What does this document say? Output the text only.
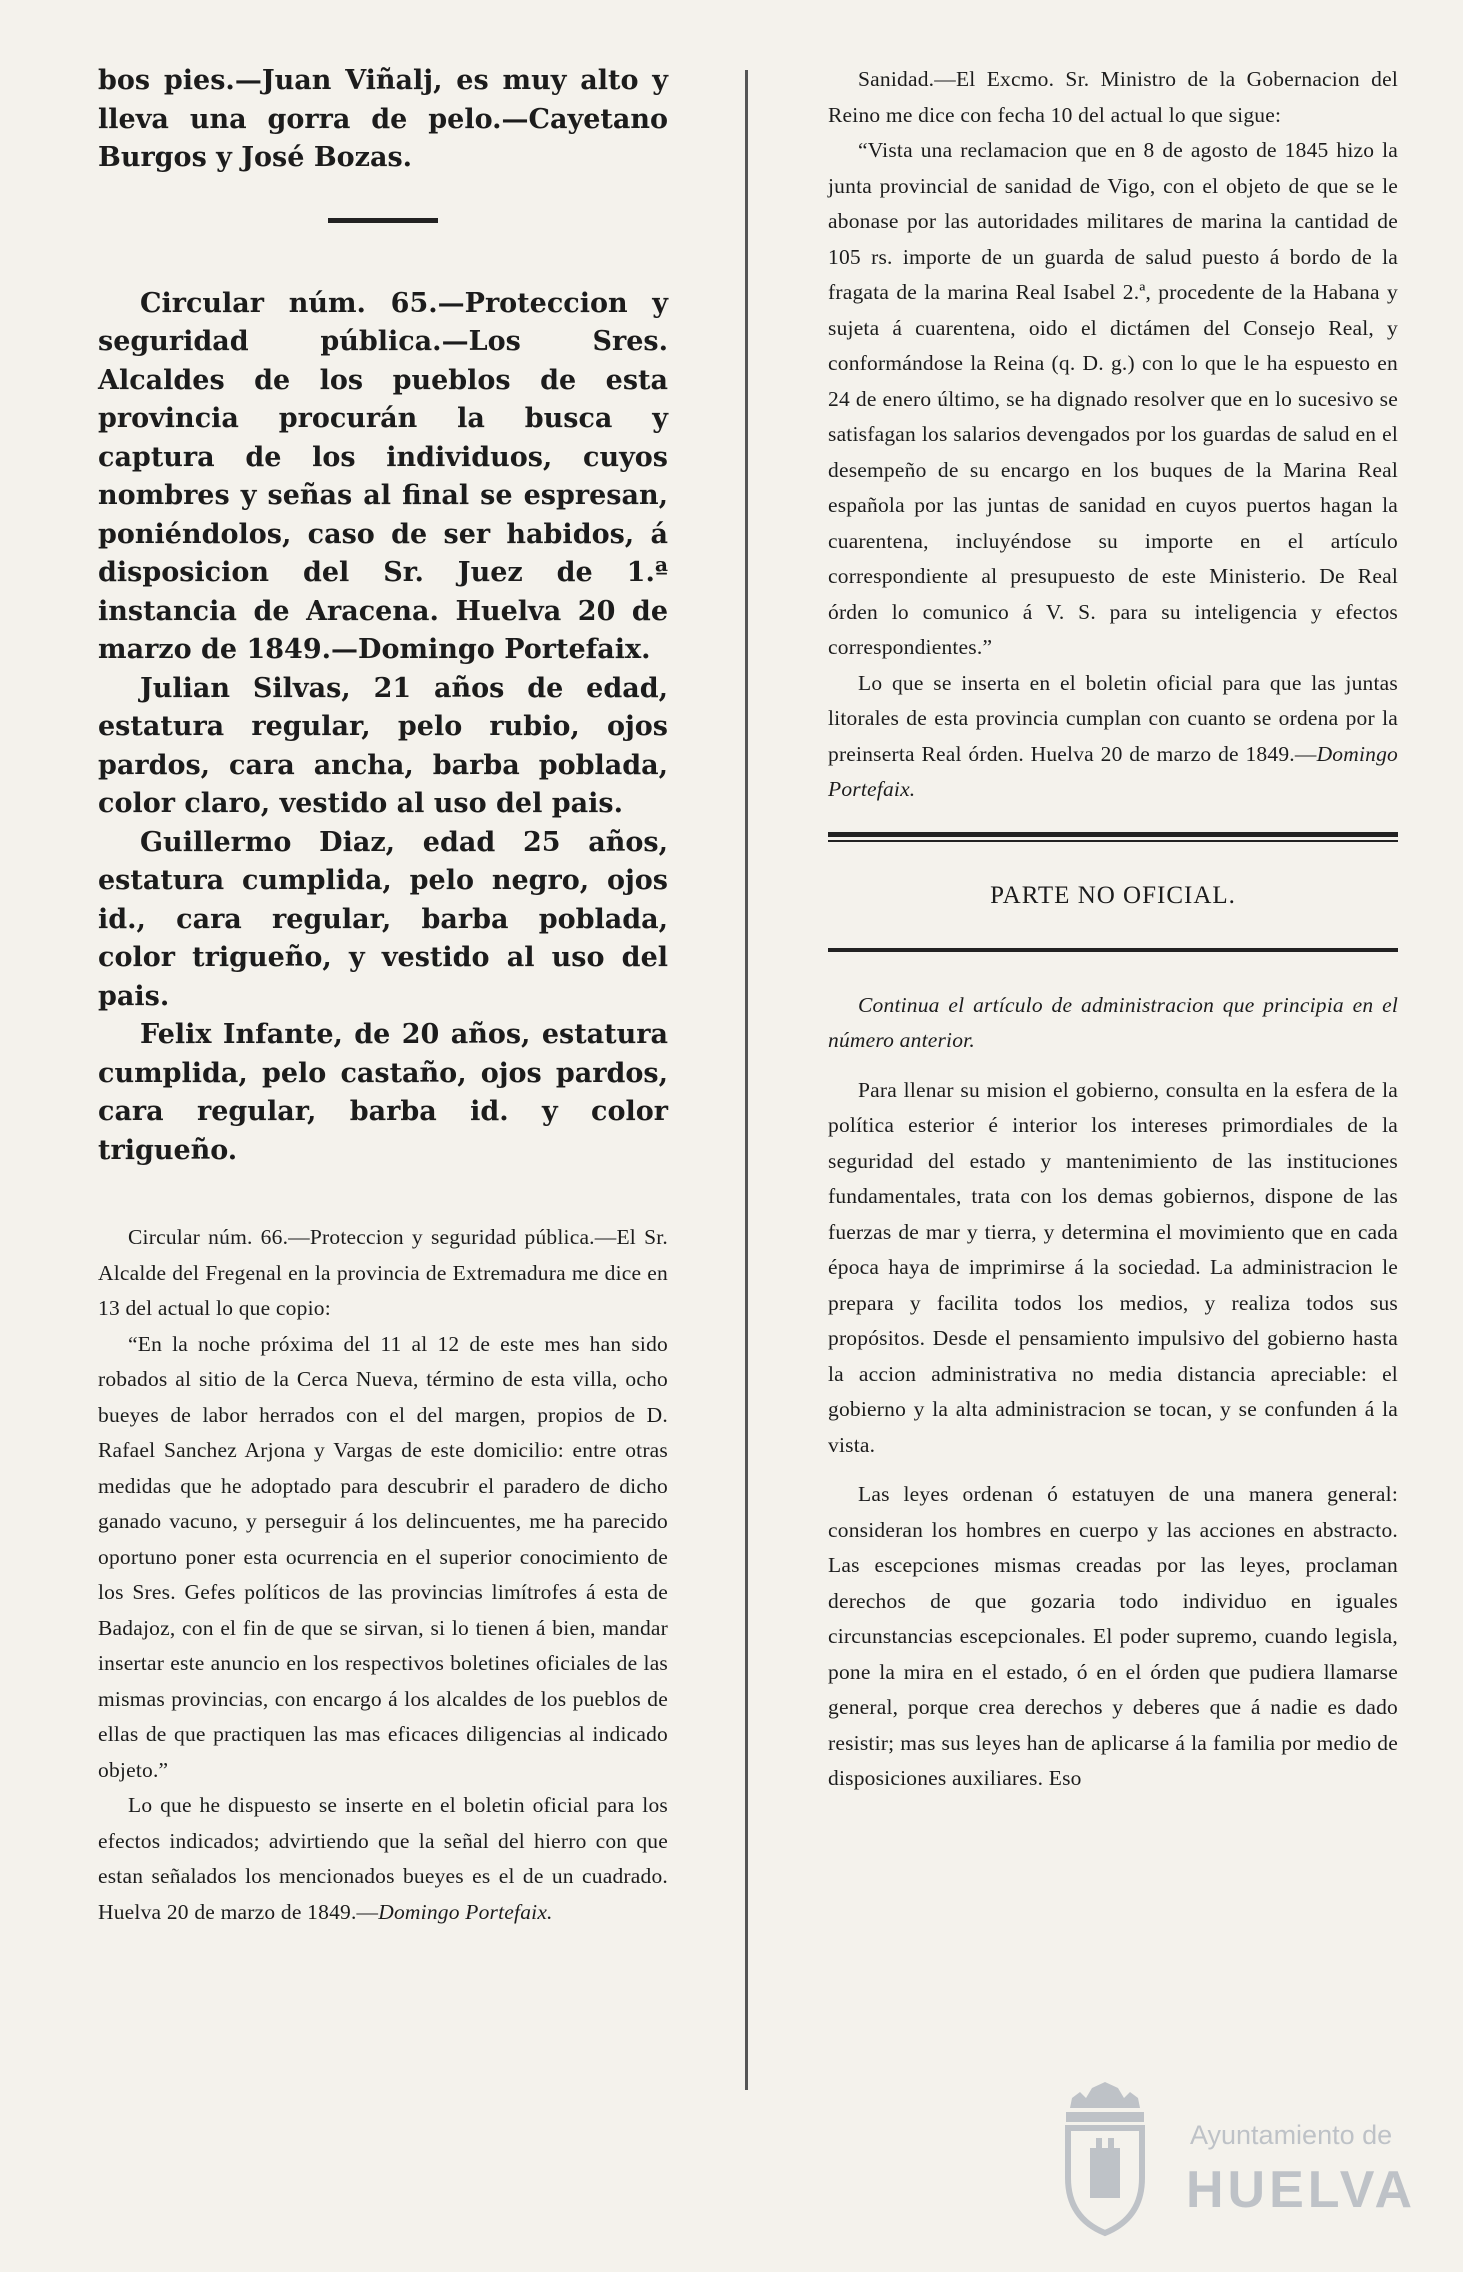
bos pies.—Juan Viñalj, es muy alto y lleva una gorra de pelo.—Cayetano Burgos y José Bozas.

Circular núm. 65.—Proteccion y seguridad pública.—Los Sres. Alcaldes de los pueblos de esta provincia procurán la busca y captura de los individuos, cuyos nombres y señas al final se espresan, poniéndolos, caso de ser habidos, á disposicion del Sr. Juez de 1.ª instancia de Aracena. Huelva 20 de marzo de 1849.—Domingo Portefaix.

Julian Silvas, 21 años de edad, estatura regular, pelo rubio, ojos pardos, cara ancha, barba poblada, color claro, vestido al uso del pais.

Guillermo Diaz, edad 25 años, estatura cumplida, pelo negro, ojos id., cara regular, barba poblada, color trigueño, y vestido al uso del pais.

Felix Infante, de 20 años, estatura cumplida, pelo castaño, ojos pardos, cara regular, barba id. y color trigueño.

Circular núm. 66.—Proteccion y seguridad pública.—El Sr. Alcalde del Fregenal en la provincia de Extremadura me dice en 13 del actual lo que copio:

“En la noche próxima del 11 al 12 de este mes han sido robados al sitio de la Cerca Nueva, término de esta villa, ocho bueyes de labor herrados con el del margen, propios de D. Rafael Sanchez Arjona y Vargas de este domicilio: entre otras medidas que he adoptado para descubrir el paradero de dicho ganado vacuno, y perseguir á los delincuentes, me ha parecido oportuno poner esta ocurrencia en el superior conocimiento de los Sres. Gefes políticos de las provincias limítrofes á esta de Badajoz, con el fin de que se sirvan, si lo tienen á bien, mandar insertar este anuncio en los respectivos boletines oficiales de las mismas provincias, con encargo á los alcaldes de los pueblos de ellas de que practiquen las mas eficaces diligencias al indicado objeto.”

Lo que he dispuesto se inserte en el boletin oficial para los efectos indicados; advirtiendo que la señal del hierro con que estan señalados los mencionados bueyes es el de un cuadrado. Huelva 20 de marzo de 1849.—Domingo Portefaix.

Sanidad.—El Excmo. Sr. Ministro de la Gobernacion del Reino me dice con fecha 10 del actual lo que sigue:

“Vista una reclamacion que en 8 de agosto de 1845 hizo la junta provincial de sanidad de Vigo, con el objeto de que se le abonase por las autoridades militares de marina la cantidad de 105 rs. importe de un guarda de salud puesto á bordo de la fragata de la marina Real Isabel 2.ª, procedente de la Habana y sujeta á cuarentena, oido el dictámen del Consejo Real, y conformándose la Reina (q. D. g.) con lo que le ha espuesto en 24 de enero último, se ha dignado resolver que en lo sucesivo se satisfagan los salarios devengados por los guardas de salud en el desempeño de su encargo en los buques de la Marina Real española por las juntas de sanidad en cuyos puertos hagan la cuarentena, incluyéndose su importe en el artículo correspondiente al presupuesto de este Ministerio. De Real órden lo comunico á V. S. para su inteligencia y efectos correspondientes.”

Lo que se inserta en el boletin oficial para que las juntas litorales de esta provincia cumplan con cuanto se ordena por la preinserta Real órden. Huelva 20 de marzo de 1849.—Domingo Portefaix.

PARTE NO OFICIAL.

Continua el artículo de administracion que principia en el número anterior.

Para llenar su mision el gobierno, consulta en la esfera de la política esterior é interior los intereses primordiales de la seguridad del estado y mantenimiento de las instituciones fundamentales, trata con los demas gobiernos, dispone de las fuerzas de mar y tierra, y determina el movimiento que en cada época haya de imprimirse á la sociedad. La administracion le prepara y facilita todos los medios, y realiza todos sus propósitos. Desde el pensamiento impulsivo del gobierno hasta la accion administrativa no media distancia apreciable: el gobierno y la alta administracion se tocan, y se confunden á la vista.

Las leyes ordenan ó estatuyen de una manera general: consideran los hombres en cuerpo y las acciones en abstracto. Las escepciones mismas creadas por las leyes, proclaman derechos de que gozaria todo individuo en iguales circunstancias escepcionales. El poder supremo, cuando legisla, pone la mira en el estado, ó en el órden que pudiera llamarse general, porque crea derechos y deberes que á nadie es dado resistir; mas sus leyes han de aplicarse á la familia por medio de disposiciones auxiliares. Eso

Ayuntamiento de
HUELVA
